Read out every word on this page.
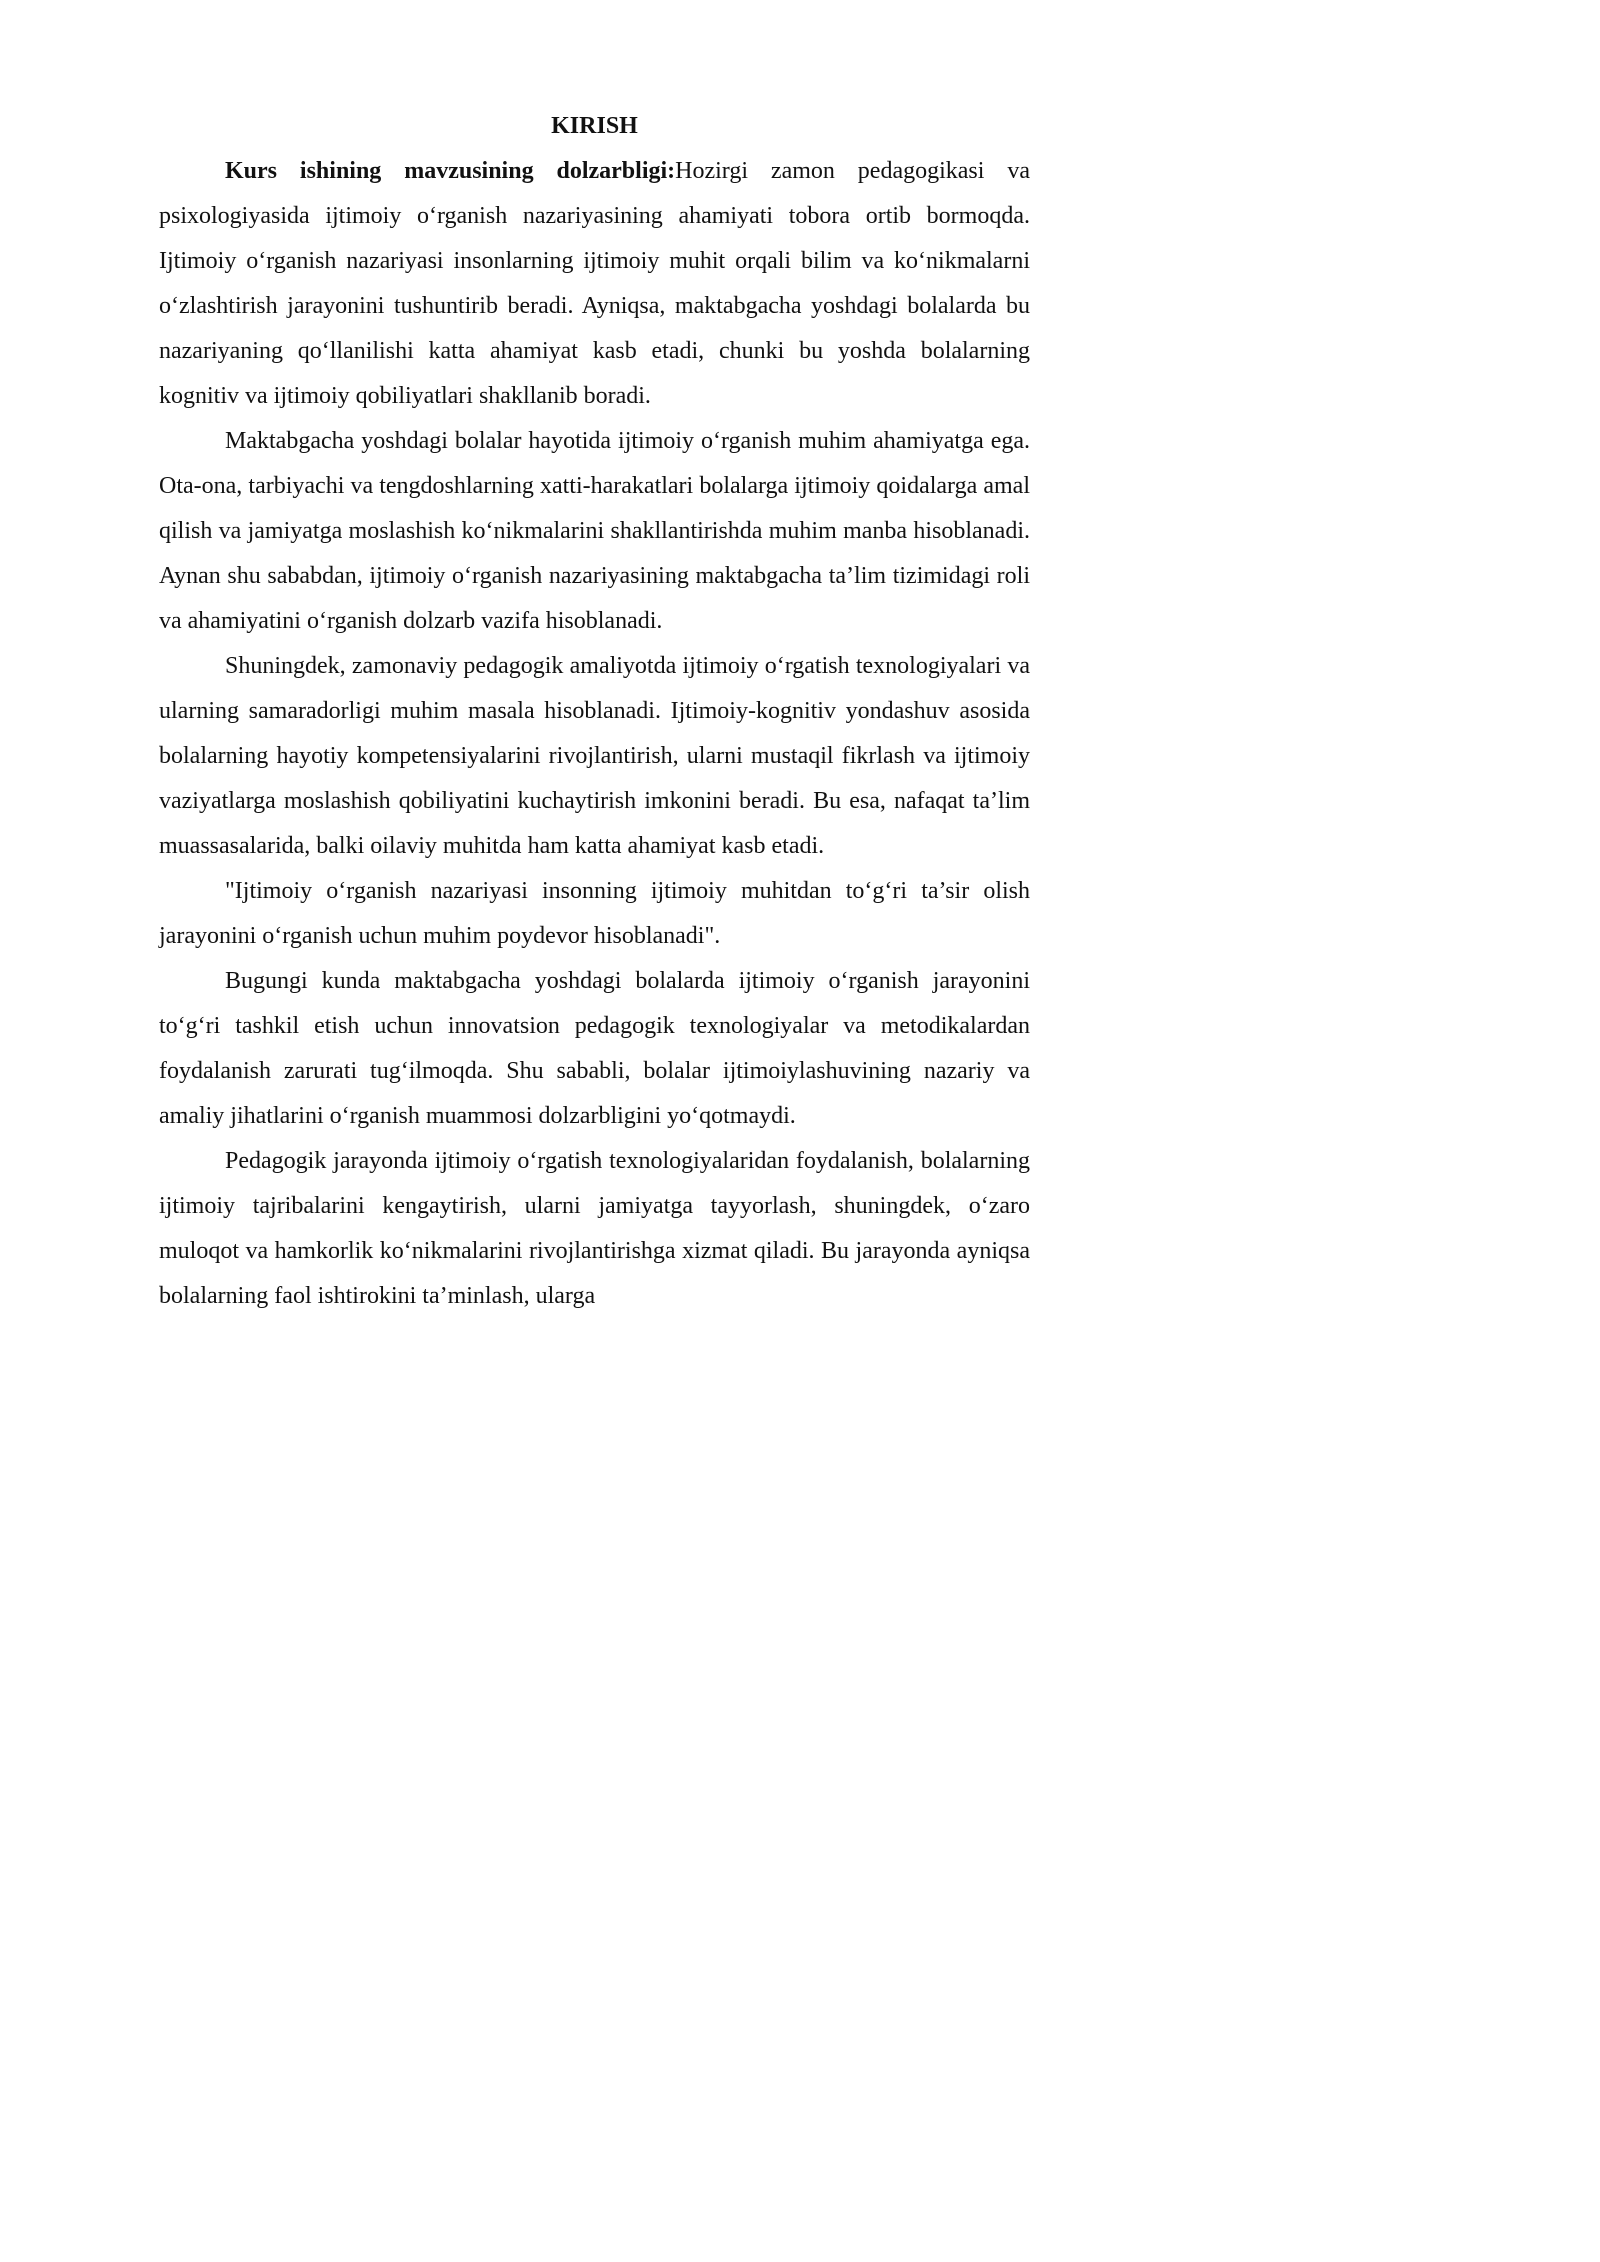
KIRISH

Kurs ishining mavzusining dolzarbligi:Hozirgi zamon pedagogikasi va psixologiyasida ijtimoiy o‘rganish nazariyasining ahamiyati tobora ortib bormoqda. Ijtimoiy o‘rganish nazariyasi insonlarning ijtimoiy muhit orqali bilim va ko‘nikmalarni o‘zlashtirish jarayonini tushuntirib beradi. Ayniqsa, maktabgacha yoshdagi bolalarda bu nazariyaning qo‘llanilishi katta ahamiyat kasb etadi, chunki bu yoshda bolalarning kognitiv va ijtimoiy qobiliyatlari shakllanib boradi.

Maktabgacha yoshdagi bolalar hayotida ijtimoiy o‘rganish muhim ahamiyatga ega. Ota-ona, tarbiyachi va tengdoshlarning xatti-harakatlari bolalarga ijtimoiy qoidalarga amal qilish va jamiyatga moslashish ko‘nikmalarini shakllantirishda muhim manba hisoblanadi. Aynan shu sababdan, ijtimoiy o‘rganish nazariyasining maktabgacha ta’lim tizimidagi roli va ahamiyatini o‘rganish dolzarb vazifa hisoblanadi.

Shuningdek, zamonaviy pedagogik amaliyotda ijtimoiy o‘rgatish texnologiyalari va ularning samaradorligi muhim masala hisoblanadi. Ijtimoiy-kognitiv yondashuv asosida bolalarning hayotiy kompetensiyalarini rivojlantirish, ularni mustaqil fikrlash va ijtimoiy vaziyatlarga moslashish qobiliyatini kuchaytirish imkonini beradi. Bu esa, nafaqat ta’lim muassasalarida, balki oilaviy muhitda ham katta ahamiyat kasb etadi.

"Ijtimoiy o‘rganish nazariyasi insonning ijtimoiy muhitdan to‘g‘ri ta’sir olish jarayonini o‘rganish uchun muhim poydevor hisoblanadi".

Bugungi kunda maktabgacha yoshdagi bolalarda ijtimoiy o‘rganish jarayonini to‘g‘ri tashkil etish uchun innovatsion pedagogik texnologiyalar va metodikalardan foydalanish zarurati tug‘ilmoqda. Shu sababli, bolalar ijtimoiylashuvining nazariy va amaliy jihatlarini o‘rganish muammosi dolzarbligini yo‘qotmaydi.

Pedagogik jarayonda ijtimoiy o‘rgatish texnologiyalaridan foydalanish, bolalarning ijtimoiy tajribalarini kengaytirish, ularni jamiyatga tayyorlash, shuningdek, o‘zaro muloqot va hamkorlik ko‘nikmalarini rivojlantirishga xizmat qiladi. Bu jarayonda ayniqsa bolalarning faol ishtirokini ta’minlash, ularga
